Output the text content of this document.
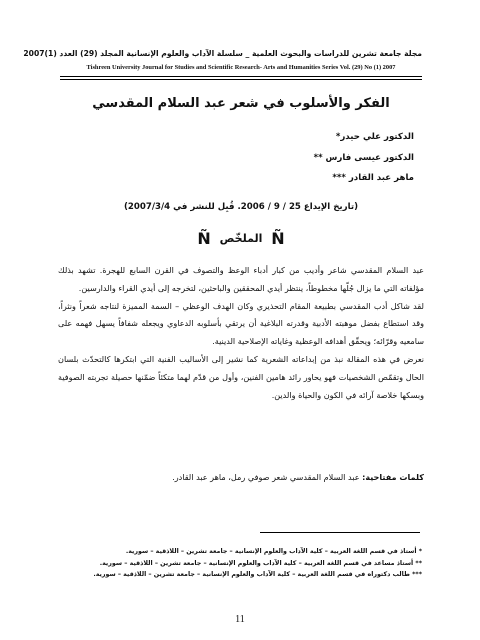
مجلة جامعة تشرين للدراسات والبحوث العلمية _ سلسلة الآداب والعلوم الإنسانية المجلد (29) العدد (1)2007
Tishreen University Journal for Studies and Scientific Research- Arts and Humanities Series Vol. (29) No (1) 2007
الفكر والأسلوب في شعر عبد السلام المقدسي
الدكتور علي حيدر*
الدكتور عيسى فارس **
ماهر عبد القادر ***
(تاريخ الإيداع 25 / 9 / 2006. قُبِل للنشر في 2007/3/4)
Ñ الملخّص Ñ

عبد السلام المقدسي شاعر وأديب من كبار أدباء الوعظ والتصوف في القرن السابع للهجرة. تشهد بذلك مؤلفاته التي ما يزال جُلّها مخطوطاً، ينتظر أيدي المحققين والباحثين، لتخرجه إلى أيدي القراء والدارسين.

لقد شاكل أدب المقدسي بطبيعة المقام التحذيري وكان الهدف الوعظي – السمة المميزة لنتاجه شعراً ونثراً، وقد استطاع بفضل موهبته الأدبية وقدرته البلاغية أن يرتقي بأسلوبه الدعاوي ويجعله شفافاً يسهل فهمه على سامعيه وقرّائه؛ ويحقّق أهدافه الوعظية وغاياته الإصلاحية الدينية.

نعرض في هذه المقالة نبذ من إبداعاته الشعرية كما نشير إلى الأساليب الفنية التي ابتكرها كالتحدّث بلسان الحال وتقمّص الشخصيات فهو يحاور رائد هامين الفنين، وأول من قدّم لهما متكئاً ضمّنها حصيلة تجربته الصوفية وبسكها خلاصة آرائه في الكون والحياة والدين.

كلمات مفتاحية: عبد السلام المقدسي شعر صوفي رمل، ماهر عبد القادر.
* أستاذ في قسم اللغة العربية – كلية الآداب والعلوم الإنسانية – جامعة تشرين – اللاذقية – سورية.
** أستاذ مساعد في قسم اللغة العربية – كلية الآداب والعلوم الإنسانية – جامعة تشرين – اللاذقية – سورية.
*** طالب دكتوراه في قسم اللغة العربية – كلية الآداب والعلوم الإنسانية – جامعة تشرين – اللاذقية – سورية.
11
